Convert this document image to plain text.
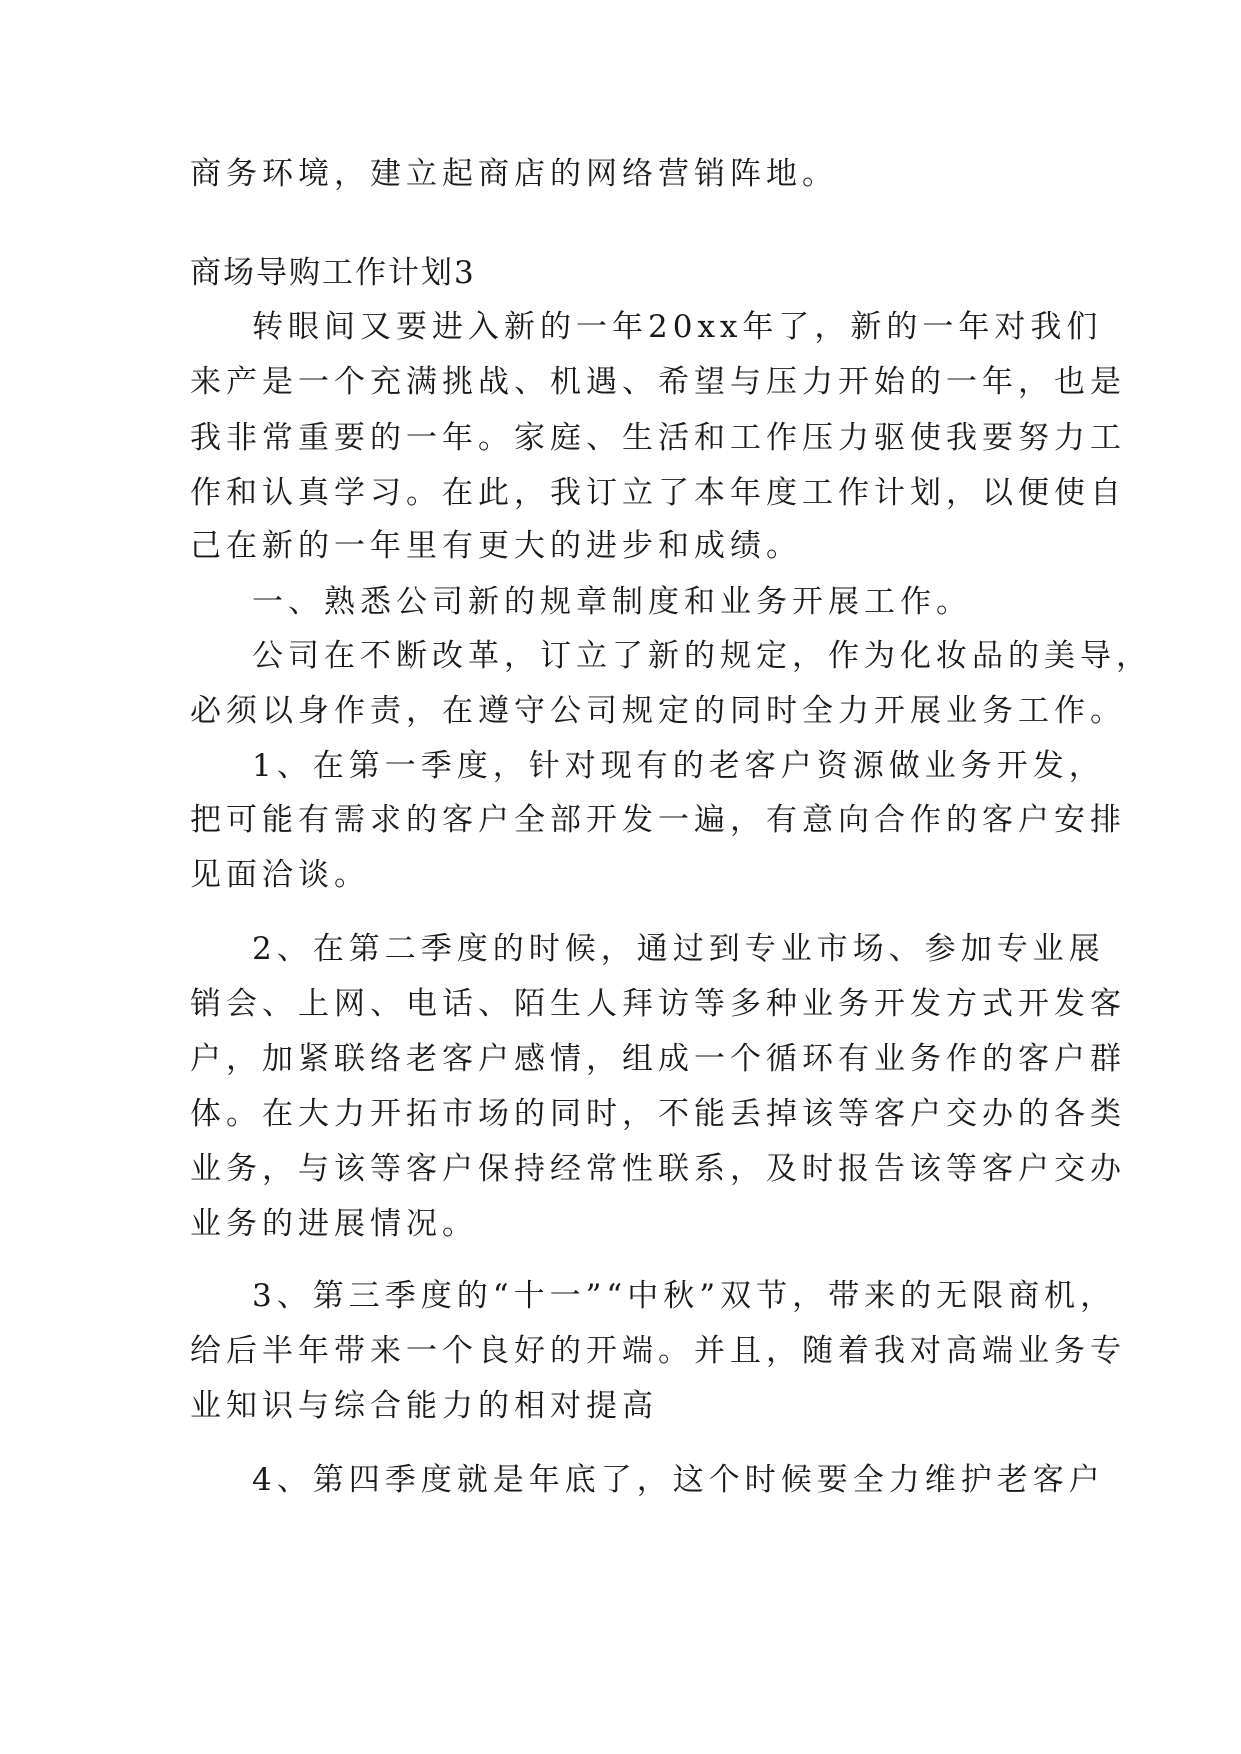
商务环境，建立起商店的网络营销阵地。
商场导购工作计划3
转眼间又要进入新的一年20xx年了，新的一年对我们
来产是一个充满挑战、机遇、希望与压力开始的一年，也是
我非常重要的一年。家庭、生活和工作压力驱使我要努力工
作和认真学习。在此，我订立了本年度工作计划，以便使自
己在新的一年里有更大的进步和成绩。
一、熟悉公司新的规章制度和业务开展工作。
公司在不断改革，订立了新的规定，作为化妆品的美导，
必须以身作责，在遵守公司规定的同时全力开展业务工作。
1、在第一季度，针对现有的老客户资源做业务开发，
把可能有需求的客户全部开发一遍，有意向合作的客户安排
见面洽谈。
2、在第二季度的时候，通过到专业市场、参加专业展
销会、上网、电话、陌生人拜访等多种业务开发方式开发客
户，加紧联络老客户感情，组成一个循环有业务作的客户群
体。在大力开拓市场的同时，不能丢掉该等客户交办的各类
业务，与该等客户保持经常性联系，及时报告该等客户交办
业务的进展情况。
3、第三季度的“十一”“中秋”双节，带来的无限商机，
给后半年带来一个良好的开端。并且，随着我对高端业务专
业知识与综合能力的相对提高
4、第四季度就是年底了，这个时候要全力维护老客户
